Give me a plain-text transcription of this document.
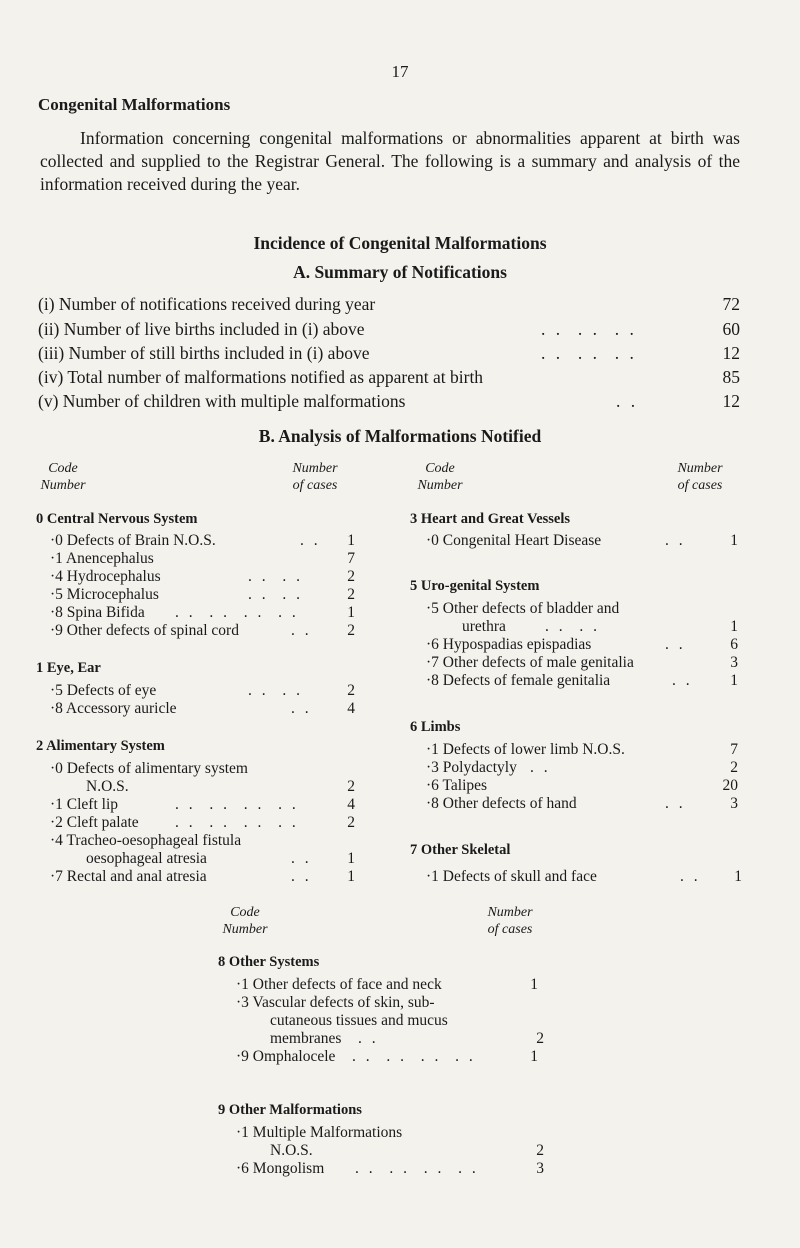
17
Congenital Malformations

Information concerning congenital malformations or abnormalities apparent at birth was collected and supplied to the Registrar General. The following is a summary and analysis of the information received during the year.

Incidence of Congenital Malformations
A. Summary of Notifications
(i) Number of notifications received during year	72
(ii) Number of live births included in (i) above	. .  . .  . .	60
(iii) Number of still births included in (i) above	. .  . .  . .	12
(iv) Total number of malformations notified as apparent at birth	85
(v) Number of children with multiple malformations	. .	12
B. Analysis of Malformations Notified
Code
Number
Number
of cases
Code
Number
Number
of cases
0 Central Nervous System
·0 Defects of Brain N.O.S.	. .	1
·1 Anencephalus	7
·4 Hydrocephalus	. .  . .	2
·5 Microcephalus	. .  . .	2
·8 Spina Bifida . .  . .  . .  . .	1
·9 Other defects of spinal cord	. .	2
1 Eye, Ear
·5 Defects of eye	. .  . .	2
·8 Accessory auricle	. .	4
2 Alimentary System
·0 Defects of alimentary system
N.O.S.	2
·1 Cleft lip	. .  . .  . .  . .	4
·2 Cleft palate . .  . .  . .  . .	2
·4 Tracheo-oesophageal fistula
oesophageal atresia	. .	1
·7 Rectal and anal atresia	. .	1
3 Heart and Great Vessels
·0 Congenital Heart Disease	. .	1
5 Uro-genital System
·5 Other defects of bladder and
urethra	. .  . .	1
·6 Hypospadias epispadias	. .	6
·7 Other defects of male genitalia	3
·8 Defects of female genitalia	. .	1
6 Limbs
·1 Defects of lower limb N.O.S.	7
·3 Polydactyly . .	2
·6 Talipes	20
·8 Other defects of hand	. .	3
7 Other Skeletal
·1 Defects of skull and face	. .	1
Code
Number
Number
of cases
8 Other Systems
·1 Other defects of face and neck	1
·3 Vascular defects of skin, sub-
cutaneous tissues and mucus
membranes . .	2
·9 Omphalocele . .  . .  . .  . .	1
9 Other Malformations
·1 Multiple Malformations
N.O.S.	2
·6 Mongolism . .  . .  . .  . .	3
